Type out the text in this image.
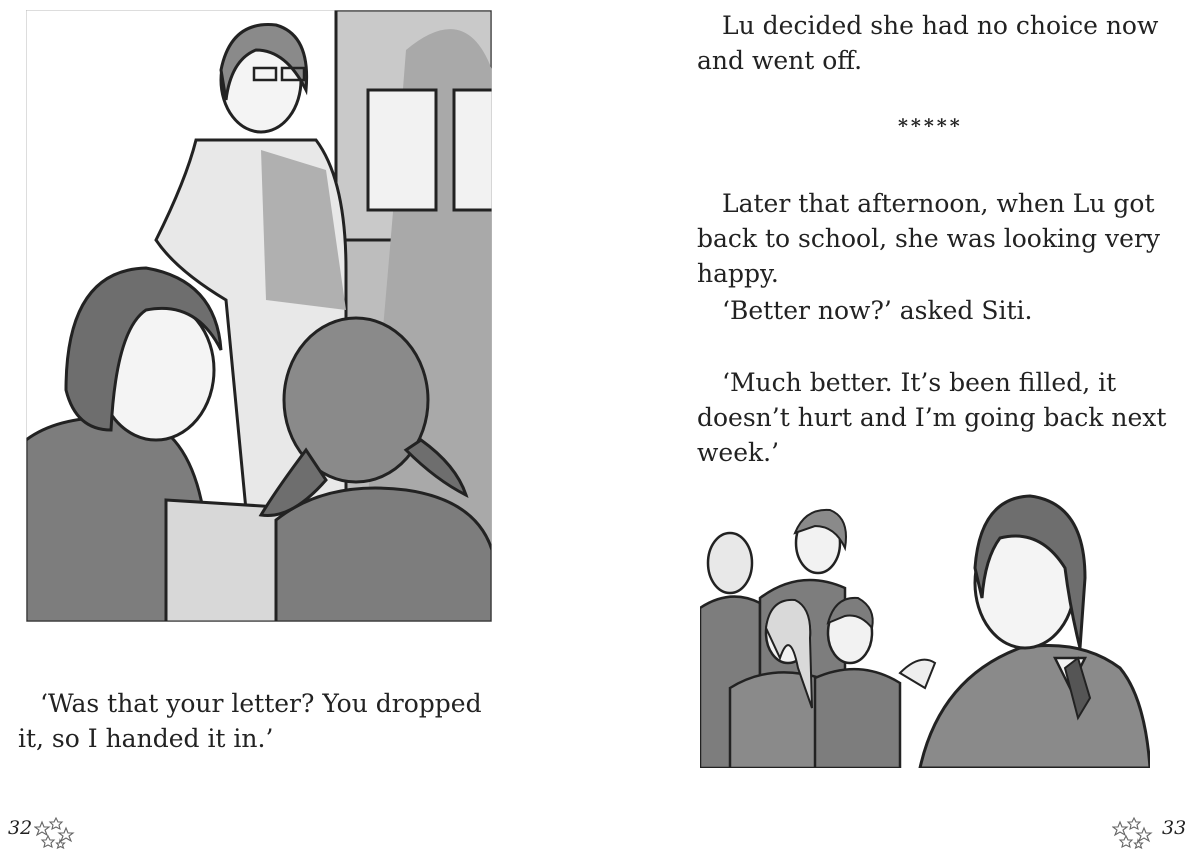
‘Was that your letter? You dropped it, so I handed it in.’

32

Lu decided she had no choice now and went off.

*****

Later that afternoon, when Lu got back to school, she was looking very happy.

‘Better now?’ asked Siti.

‘Much better. It’s been filled, it doesn’t hurt and I’m going back next week.’

33
